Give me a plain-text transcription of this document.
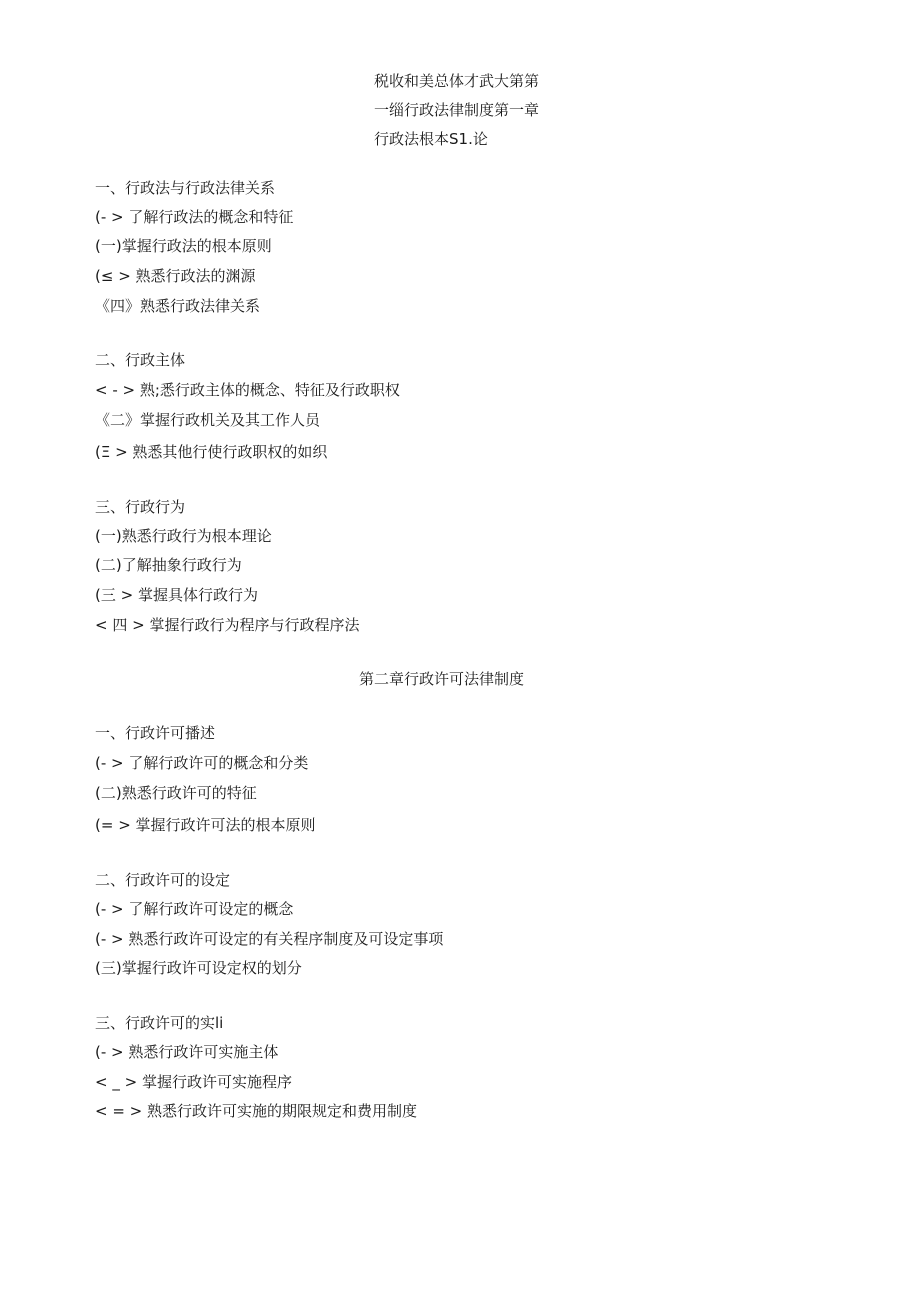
税收和美总体才武大第第
一缁行政法律制度第一章
行政法根本S1.论
一、行政法与行政法律关系
(- > 了解行政法的概念和特征
(一)掌握行政法的根本原则
(≤ > 熟悉行政法的渊源
《四》熟悉行政法律关系
二、行政主体
< - > 熟;悉行政主体的概念、特征及行政职权
《二》掌握行政机关及其工作人员
(Ξ > 熟悉其他行使行政职权的如织
三、行政行为
(一)熟悉行政行为根本理论
(二)了解抽象行政行为
(三 > 掌握具体行政行为
< 四 > 掌握行政行为程序与行政程序法
第二章行政许可法律制度
一、行政许可播述
(- > 了解行政许可的概念和分类
(二)熟悉行政许可的特征
(= > 掌握行政许可法的根本原则
二、行政许可的设定
(- > 了解行政许可设定的概念
(- > 熟悉行政许可设定的有关程序制度及可设定事项
(三)掌握行政许可设定权的划分
三、行政许可的实li
(- > 熟悉行政许可实施主体
< _ > 掌握行政许可实施程序
< = > 熟悉行政许可实施的期限规定和费用制度
